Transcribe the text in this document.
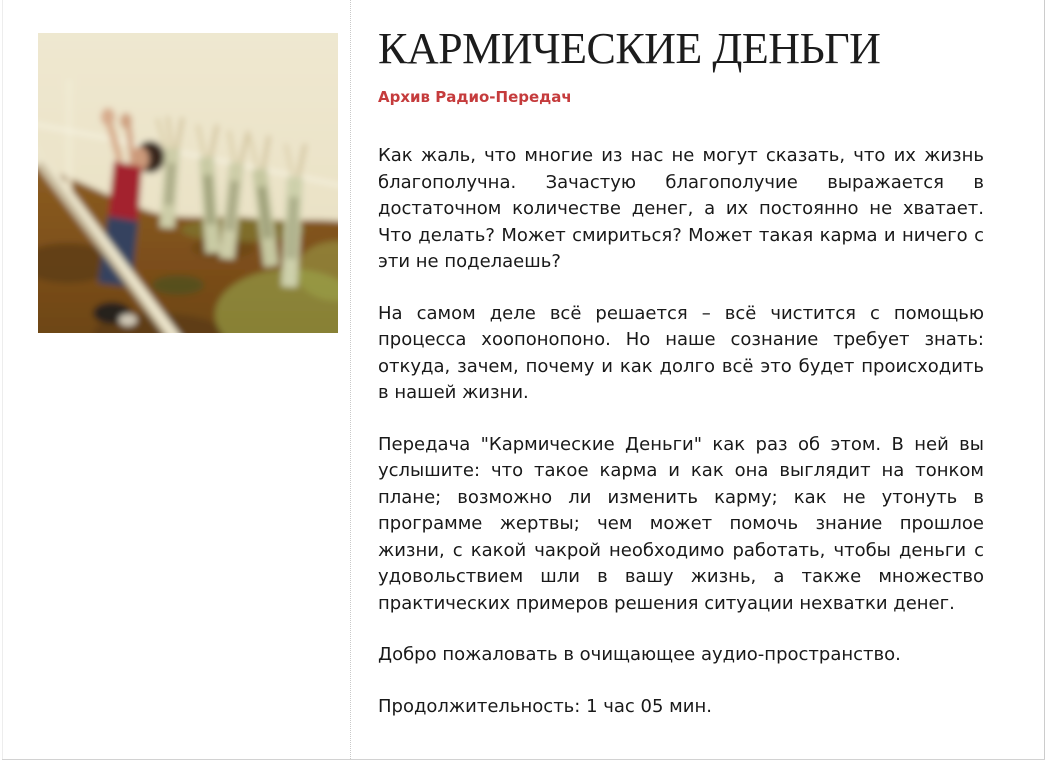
КАРМИЧЕСКИЕ ДЕНЬГИ
Архив Радио-Передач

Как жаль, что многие из нас не могут сказать, что их жизнь благополучна. Зачастую благополучие выражается в достаточном количестве денег, а их постоянно не хватает. Что делать? Может смириться? Может такая карма и ничего с эти не поделаешь?

На самом деле всё решается – всё чистится с помощью процесса хоопонопоно. Но наше сознание требует знать: откуда, зачем, почему и как долго всё это будет происходить в нашей жизни.

Передача "Кармические Деньги" как раз об этом. В ней вы услышите: что такое карма и как она выглядит на тонком плане; возможно ли изменить карму; как не утонуть в программе жертвы; чем может помочь знание прошлое жизни, с какой чакрой необходимо работать, чтобы деньги с удовольствием шли в вашу жизнь, а также множество практических примеров решения ситуации нехватки денег.

Добро пожаловать в очищающее аудио-пространство.

Продолжительность: 1 час 05 мин.
